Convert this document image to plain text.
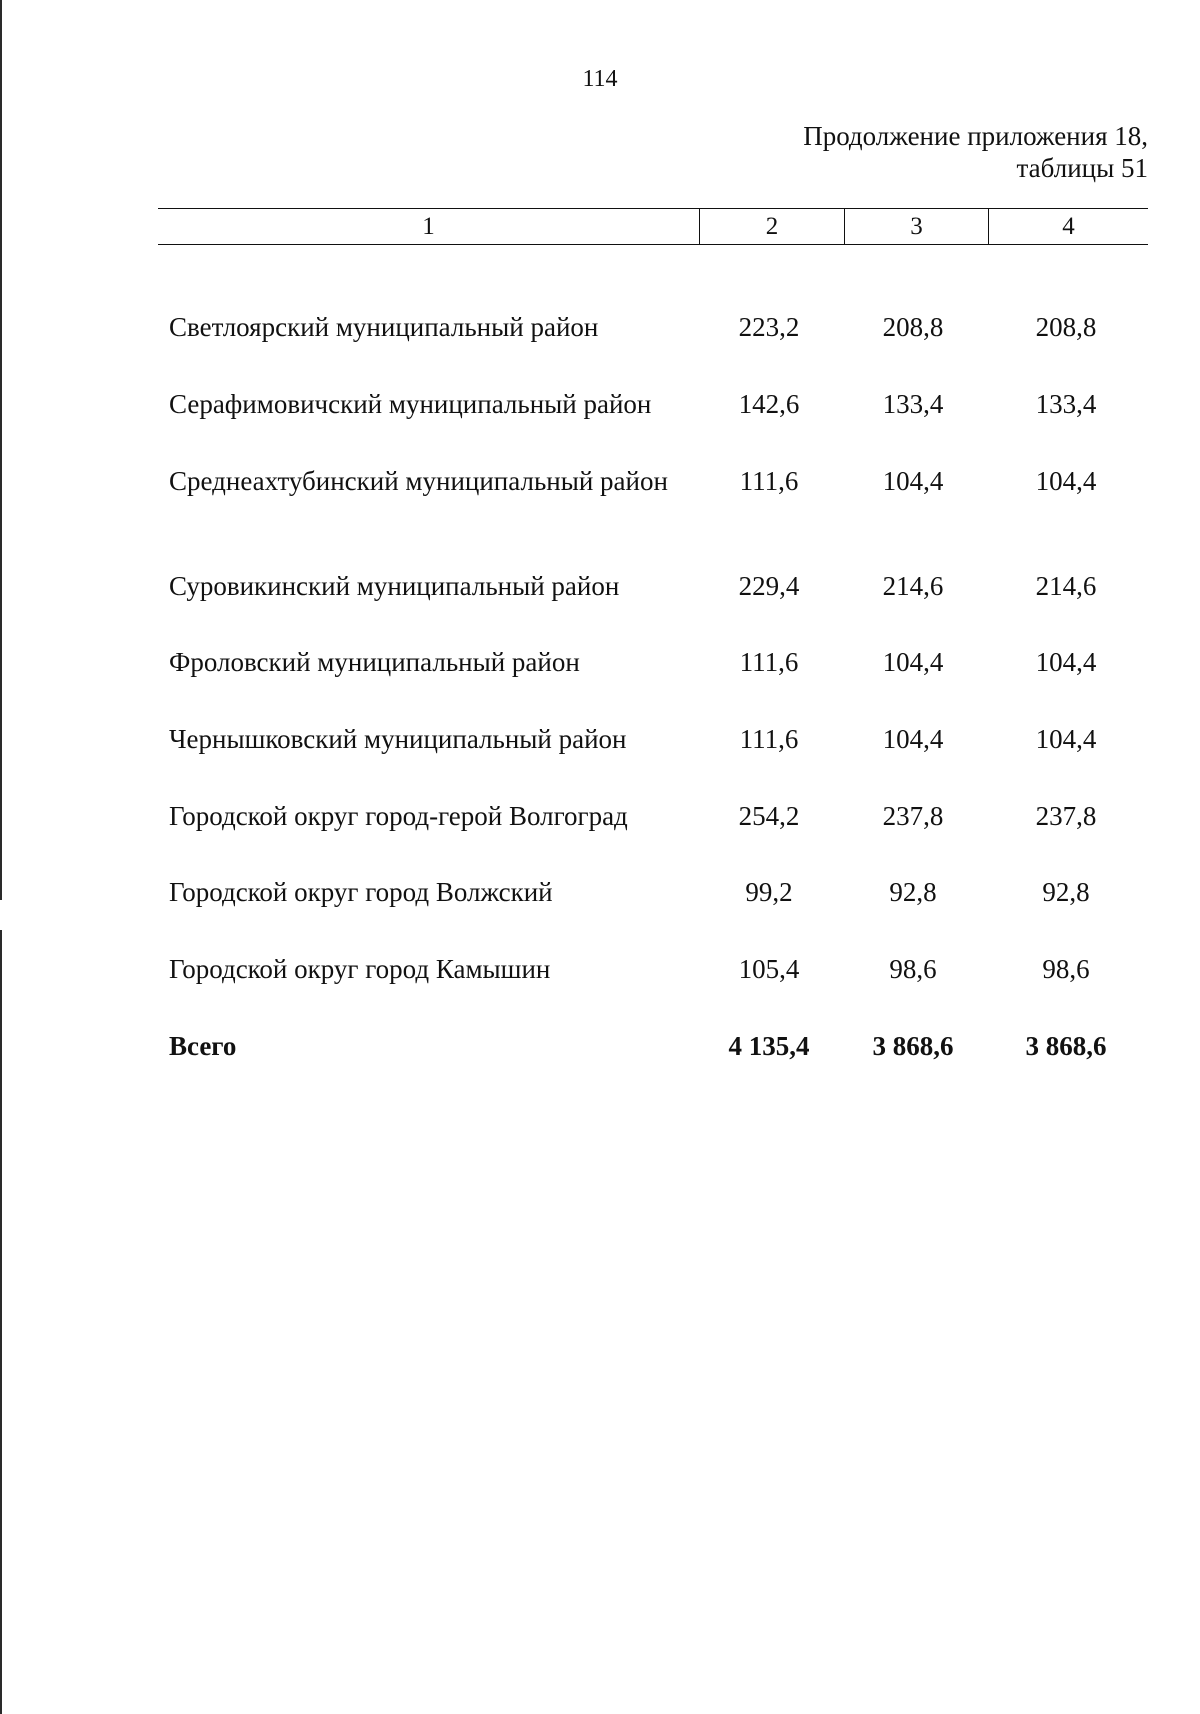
114
Продолжение приложения 18,
таблицы 51
1	2	3	4
Светлоярский муниципальный район	223,2	208,8	208,8
Серафимовичский муниципальный район	142,6	133,4	133,4
Среднеахтубинский муниципальный район	111,6	104,4	104,4
Суровикинский муниципальный район	229,4	214,6	214,6
Фроловский муниципальный район	111,6	104,4	104,4
Чернышковский муниципальный район	111,6	104,4	104,4
Городской округ город-герой Волгоград	254,2	237,8	237,8
Городской округ город Волжский	99,2	92,8	92,8
Городской округ город Камышин	105,4	98,6	98,6
Всего	4 135,4	3 868,6	3 868,6
